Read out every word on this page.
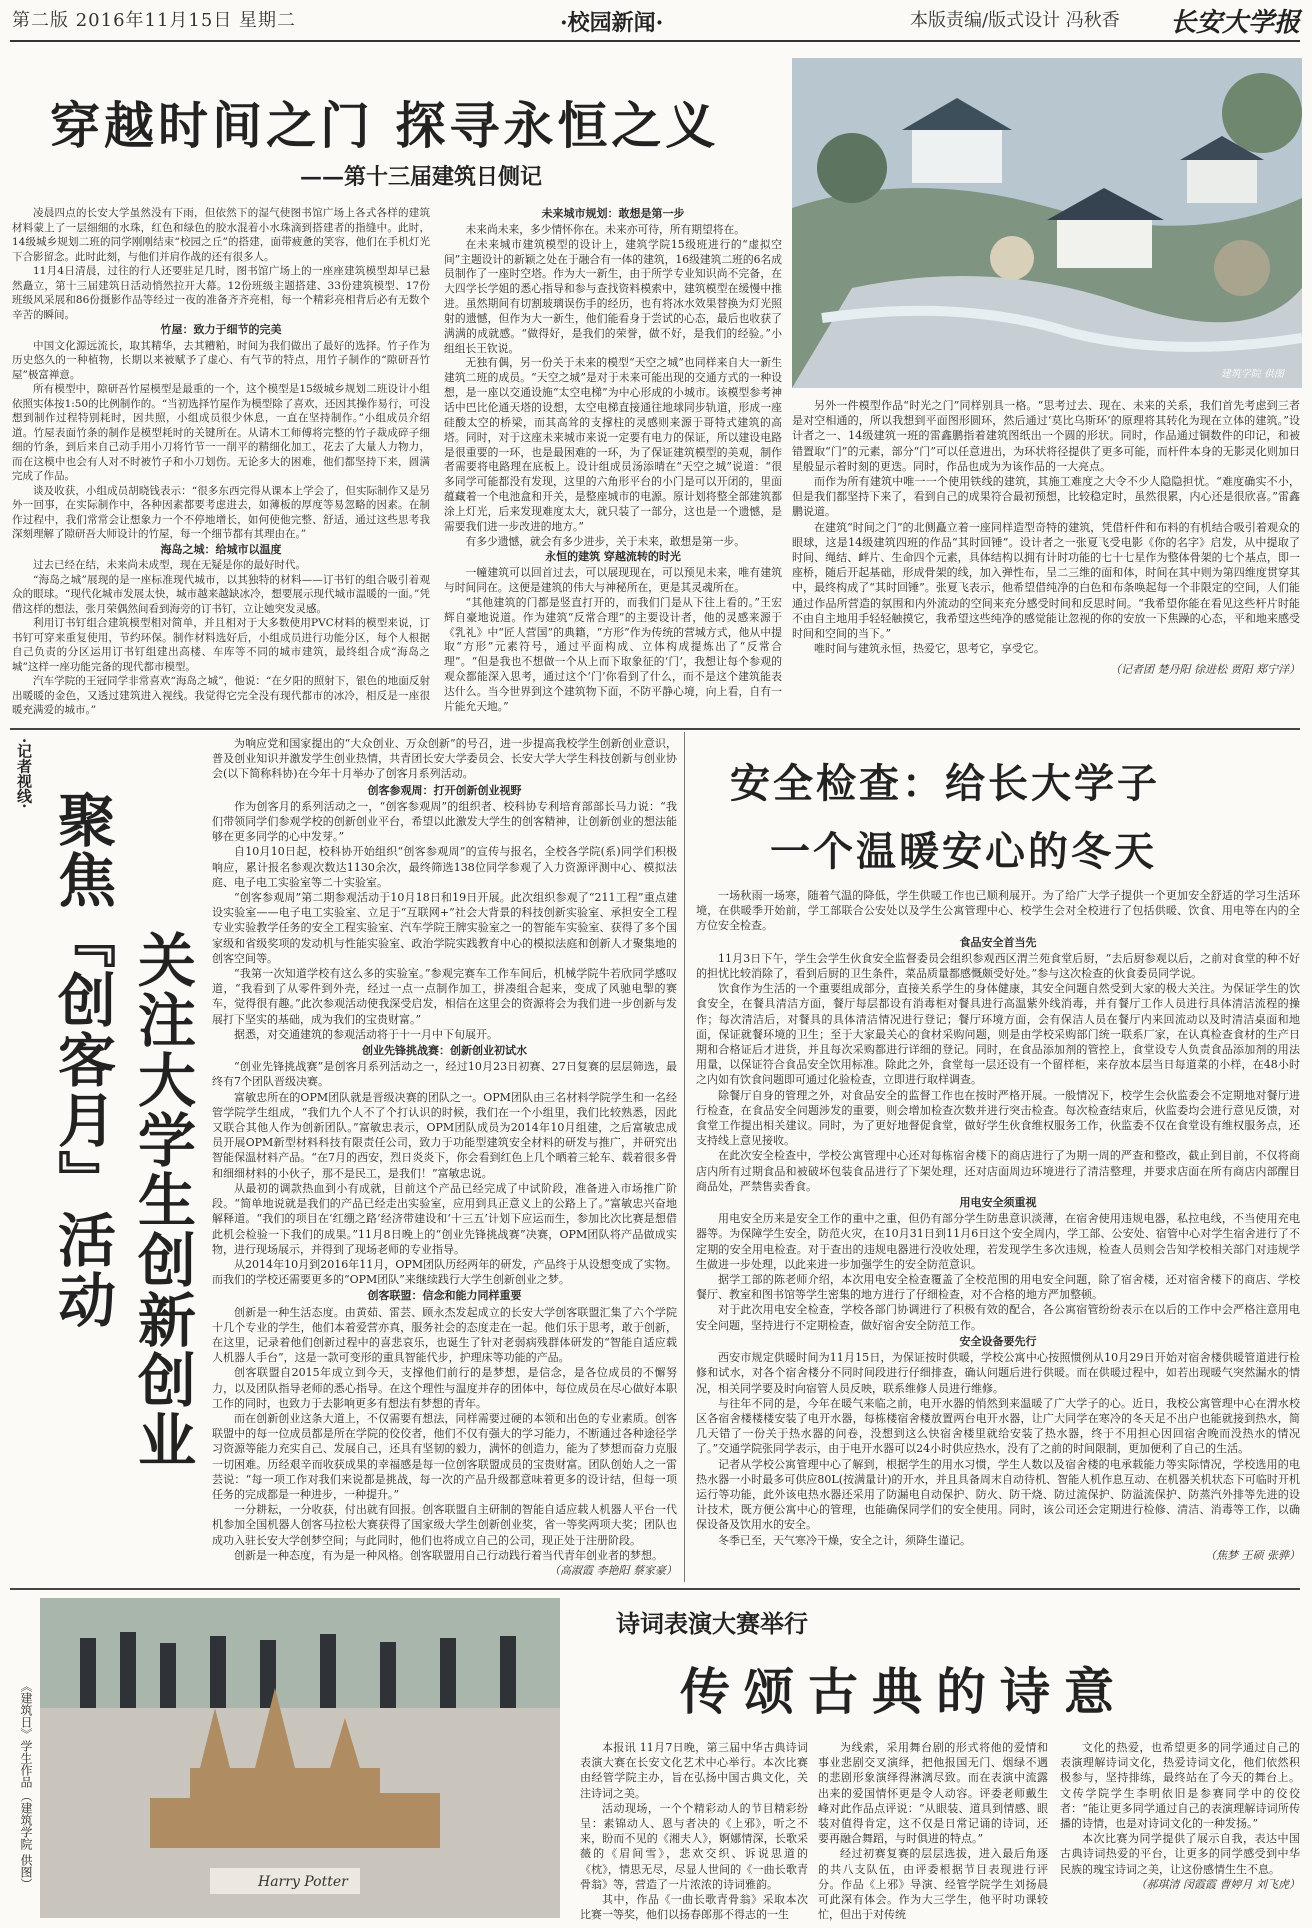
第二版 2016年11月15日 星期二	·校园新闻·	本版责编/版式设计 冯秋香 长安大学报
穿越时间之门 探寻永恒之义
——第十三届建筑日侧记
建筑学院 供图

凌晨四点的长安大学虽然没有下雨，但依然下的湿气使图书馆广场上各式各样的建筑材料蒙上了一层细细的水珠，红色和绿色的胶水混着小水珠滴到搭建者的指缝中。此时，14级城乡规划二班的同学刚刚结束“校园之丘”的搭建，面带疲惫的笑容，他们在手机灯光下合影留念。此时此刻，与他们并肩作战的还有很多人。

11月4日清晨，过往的行人还要驻足几时，图书馆广场上的一座座建筑模型却早已悬然矗立，第十三届建筑日活动悄然拉开大幕。12份班级主题搭建、33份建筑模型、17份班级风采展和86份摄影作品等经过一夜的准备齐齐亮相，每一个精彩亮相背后必有无数个辛苦的瞬间。

竹屋：致力于细节的完美

中国文化源远流长，取其精华，去其糟粕，时间为我们做出了最好的选择。竹子作为历史悠久的一种植物，长期以来被赋予了虚心、有气节的特点，用竹子制作的“隙研吾竹屋”极富禅意。

所有模型中，隙研吾竹屋模型是最重的一个，这个模型是15级城乡规划二班设计小组依照实体按1:50的比例制作的。“当初选择竹屋作为模型除了喜欢，还因其操作易行，可没想到制作过程特别耗时，因共照，小组成员很少休息，一直在坚持制作。”小组成员介绍道。竹屋表面竹条的制作是模型耗时的关键所在。从请木工师傅将完整的竹子裁成碎子细细的竹条，到后来自己动手用小刀将竹节一一削平的精细化加工，花去了大量人力物力，而在这模中也会有人对不时被竹子和小刀划伤。无论多大的困难，他们都坚持下来，圆满完成了作品。

谈及收获，小组成员胡晓钱表示：“很多东西完得从课本上学会了，但实际制作又是另外一回事，在实际制作中，各种因素都要考虑进去，如薄板的厚度等易忽略的因素。在制作过程中，我们常常会让想象力一个不停地增长，如何使他完整、舒适，通过这些思考我深刻理解了隙研吾大师设计的竹屋，每一个细节都有其理由在。”

海岛之城：给城市以温度

过去已经在结，未来尚未成型，现在无疑是你的最好时代。

“海岛之城”展现的是一座标准现代城市，以其独特的材料——订书钉的组合吸引着观众的眼球。“现代化城市发展太快，城市越来越缺冰冷，想要展示现代城市温暖的一面。”凭借这样的想法，张月荣偶然间看到海旁的订书钉，立让她突发灵感。

利用订书钉组合建筑模型相对简单，并且相对于大多数使用PVC材料的模型来说，订书钉可穿来重复使用，节约环保。制作材料选好后，小组成员进行功能分区，每个人根据自己负责的分区运用订书钉组建出高楼、车库等不同的城市建筑，最终组合成“海岛之城”这样一座功能完备的现代都市模型。

汽车学院的王冠同学非常喜欢“海岛之城”，他说：“在夕阳的照射下，银色的地面反射出暖暖的金色，又透过建筑进入视线。我觉得它完全没有现代都市的冰冷，相反是一座很暖充满爱的城市。”

未来城市规划：敢想是第一步

未来尚未来，多少情怀你在。未来亦可待，所有期望将在。

在未来城市建筑模型的设计上，建筑学院15级班进行的“虚拟空间”主题设计的新颖之处在于融合有一体的建筑，16级建筑二班的6名成员制作了一座时空塔。作为大一新生，由于所学专业知识尚不完备，在大四学长学姐的悉心指导和参与查找资料模索中，建筑模型在缓慢中推进。虽然期间有切割玻璃误伤手的经历，也有将冰水效果替换为灯光照射的遗憾，但作为大一新生，他们能看身于尝试的心态，最后也收获了满满的成就感。“做得好，是我们的荣誉，做不好，是我们的经验。”小组组长王钦说。

无独有偶，另一份关于未来的模型“天空之城”也同样来自大一新生建筑二班的成员。“天空之城”是对于未来可能出现的交通方式的一种设想，是一座以交通设施“太空电梯”为中心形成的小城市。该模型参考神话中巴比伦通天塔的设想，太空电梯直接通往地球同步轨道，形成一座硅酸太空的桥梁，而其高耸的支撑柱的灵感则来源于哥特式建筑的高塔。同时，对于这座未来城市来说一定要有电力的保证，所以建设电路是很重要的一环，也是最困难的一环，为了保证建筑模型的美观，制作者需要将电路理在底板上。设计组成员汤添晴在“天空之城”说道：“很多同学可能都没有发现，这里的六角形平台的小门是可以开闭的，里面蕴藏着一个电池盒和开关，是整座城市的电源。原计划将整全部建筑都涂上灯光，后来发现难度太大，就只装了一部分，这也是一个遗憾，是需要我们进一步改进的地方。”

有多少遗憾，就会有多少进步，关于未来，敢想是第一步。

永恒的建筑 穿越流转的时光

一幢建筑可以回首过去，可以展现现在，可以预见未来，唯有建筑与时间同在。这便是建筑的伟大与神秘所在，更是其灵魂所在。

“其他建筑的门都是竖直打开的，而我们门是从下往上看的。”王宏辉自豪地说道。作为建筑“反常合理”的主要设计者，他的灵感来源于《乳礼》中“匠人营国”的典籍，“方形”作为传统的营城方式，他从中提取“方形”元素符号，通过平面构成、立体构成提炼出了“反常合理”。“但是我也不想做一个从上而下取象征的‘门’，我想让每个参观的观众都能深入思考，通过这个‘门’你看到了什么，而不是这个建筑能表达什么。当今世界到这个建筑物下面，不防平静心境，向上看，自有一片能允天地。”

另外一件模型作品“时光之门”同样别具一格。“思考过去、现在、未来的关系，我们首先考虑到三者是对空相通的，所以我想到平面图形圆环，然后通过‘莫比乌斯环’的原理将其转化为现在立体的建筑。”设计者之一、14级建筑一班的雷鑫鹏指着建筑图纸出一个圆的形状。同时，作品通过铜数件的印记，和被错置取“门”的元素，部分“门”可以任意进出，为环状将径提供了更多可能，而杆件本身的无影灵化则加日星般显示着时刻的更迭。同时，作品也成为为该作品的一大亮点。

而作为所有建筑中唯一一个使用铁线的建筑，其施工难度之大令不少人隐隐担忧。“难度确实不小，但是我们都坚持下来了，看到自己的成果符合最初预想，比较稳定时，虽然很累，内心还是很欣喜。”雷鑫鹏说道。

在建筑“时间之门”的北侧矗立着一座同样造型奇特的建筑，凭借杆件和布料的有机结合吸引着观众的眼球，这是14级建筑四班的作品“其时回锤”。设计者之一张夏飞受电影《你的名字》启发，从中提取了时间、绳结、衅片、生命四个元素，具体结构以拥有计时功能的七十七星作为整体骨架的七个基点，即一座桥，随后开起基础，形成骨架的线，加入弹性布，呈二三维的面和体，时间在其中则为第四维度贯穿其中，最终构成了“其时回锤”。张夏飞表示，他希望借纯净的白色和布条唤起每一个非限定的空间，人们能通过作品所营造的氛围和内外流动的空间来充分感受时间和反思时间。“我希望你能在看见这些杆片时能不由自主地用手轻轻触摸它，我希望这些纯净的感觉能让忽视的你的安放一下焦躁的心态，平和地来感受时间和空间的当下。”

唯时间与建筑永恒，热爱它，思考它，享受它。

（记者团 楚丹阳 徐进松 贾阳 郑宁洋）
·记者视线·
聚焦『创客月』活动 关注大学生创新创业

为响应党和国家提出的“大众创业、万众创新”的号召，进一步提高我校学生创新创业意识，普及创业知识并激发学生创业热情，共青团长安大学委员会、长安大学大学生科技创新与创业协会(以下简称科协)在今年十月举办了创客月系列活动。

创客参观周：打开创新创业视野

作为创客月的系列活动之一，“创客参观周”的组织者、校科协专利培育部部长马力说：“我们带领同学们参观学校的创新创业平台，希望以此激发大学生的创客精神，让创新创业的想法能够在更多同学的心中发芽。”

自10月10日起，校科协开始组织“创客参观周”的宣传与报名，全校各学院(系)同学们积极响应，累计报名参观次数达1130余次，最终筛选138位同学参观了入力资源评测中心、模拟法庭、电子电工实验室等二十实验室。

“创客参观周”第二期参观活动于10月18日和19日开展。此次组织参观了“211工程”重点建设实验室——电子电工实验室、立足于“互联网+”社会大背景的科技创新实验室、承担安全工程专业实验教学任务的安全工程实验室、汽车学院王牌实验室之一的智能车实验室、获得了多个国家级和省级奖项的发动机与性能实验室、政治学院实践教育中心的模拟法庭和创新人才聚集地的创客空间等。

“我第一次知道学校有这么多的实验室。”参观完赛车工作车间后，机械学院牛若欣同学感叹道，“我看到了从零件到外壳，经过一点一点制作加工，拼凑组合起来，变成了风驰电掣的赛车，觉得很有趣。”此次参观活动使我深受启发，相信在这里会的资源将会为我们进一步创新与发展打下坚实的基础，成为我们的宝贵财富。”

据悉，对交通建筑的参观活动将于十一月中下旬展开。

创业先锋挑战赛：创新创业初试水

“创业先锋挑战赛”是创客月系列活动之一，经过10月23日初赛、27日复赛的层层筛选，最终有7个团队晋级决赛。

富敏忠所在的OPM团队就是晋级决赛的团队之一。OPM团队由三名材料学院学生和一名经管学院学生组成，“我们九个人不了个打认识的时候，我们在一个小组里，我们比较熟悉，因此又联合其他人作为创新团队。”富敏忠表示，OPM团队成员为2014年10月组建，之后富敏忠成员开展OPM新型材料科技有限责任公司，致力于功能型建筑安全材料的研发与推广，并研究出智能保温材料产品。“在7月的西安，烈日炎炎下，你会看到红色上几个晒着三轮车、载着很多骨和细细材料的小伙子，那不是民工，是我们！”富敏忠说。

从最初的调款热血到小有成就，目前这个产品已经完成了中试阶段，准备进入市场推广阶段。“简单地说就是我们的产品已经走出实验室，应用到具正意义上的公路上了。”富敏忠兴奋地解释道。“我们的项目在‘红绷之路’经济带建设和‘十三五’计划下应运而生，参加比次比赛是想借此机会检验一下我们的成果。”11月8日晚上的“创业先锋挑战赛”决赛，OPM团队将产品做成实物，进行现场展示，并得到了现场老师的专业指导。

从2014年10月到2016年11月，OPM团队历经两年的研发，产品终于从设想变成了实物。而我们的学校还需要更多的“OPM团队”来继续践行大学生创新创业之梦。

创客联盟：信念和能力同样重要

创新是一种生活态度。由黄茹、雷芸、顾永杰发起成立的长安大学创客联盟汇集了六个学院十几个专业的学生，他们本着爱营亦真，服务社会的态度走在一起。他们乐于思考，敢于创新，在这里，记录着他们创新过程中的喜悲哀乐，也诞生了针对老弱病残群体研发的“智能自适应载人机器人手台”，这是一款可变形的重具智能代步，护理床等功能的产品。

创客联盟自2015年成立到今天，支撑他们前行的是梦想，是信念，是各位成员的不懈努力，以及团队指导老师的悉心指导。在这个理性与温度并存的团体中，每位成员在尽心做好本职工作的同时，也致力于去影响更多有想法有梦想的青年。

而在创新创业这条大道上，不仅需要有想法，同样需要过硬的本领和出色的专业素质。创客联盟中的每一位成员都是所在学院的佼佼者，他们不仅有强大的学习能力，不断通过各种途径学习资源等能力充实自己、发展自己，还具有坚韧的毅力，满怀的创造力，能为了梦想而奋力克服一切困难。历经艰辛而收获成果的幸福感是每一位创客联盟成员的宝贵财富。团队创始人之一雷芸说：“每一项工作对我们来说都是挑战，每一次的产品升级都意味着更多的设计结，但每一项任务的完成都是一种进步，一种提升。”

一分耕耘，一分收获，付出就有回报。创客联盟自主研制的智能自适应载人机器人平台一代机参加全国机器人创客马拉松大赛获得了国家级大学生创新创业奖，省一等奖两项大奖；团队也成功入驻长安大学创梦空间；与此同时，他们也将成立自己的公司，现正处于注册阶段。

创新是一种态度，有为是一种风格。创客联盟用自己行动践行着当代青年创业者的梦想。

（高淑霞 李艳阳 蔡家豪）
安全检查：给长大学子
一个温暖安心的冬天

一场秋雨一场寒，随着气温的降低，学生供暖工作也已顺利展开。为了给广大学子提供一个更加安全舒适的学习生活环境，在供暖季开始前，学工部联合公安处以及学生公寓管理中心、校学生会对全校进行了包括供暖、饮食、用电等在内的全方位安全检查。

食品安全首当先

11月3日下午，学生会学生伙食安全监督委员会组织参观西区渭兰苑食堂后厨，“去后厨参观以后，之前对食堂的种不好的担忧比较消除了，看到后厨的卫生条件，菜品质量都感慨颇受好处。”参与这次检查的伙食委员同学说。

饮食作为生活的一个重要组成部分，直接关系学生的身体健康，其安全问题自然受到大家的极大关注。为保证学生的饮食安全，在餐具清洁方面，餐厅每层都设有消毒柜对餐具进行高温紫外线消毒，并有餐厅工作人员进行具体清洁流程的操作；每次清洁后，对餐具的具体清洁情况进行登记；餐厅环境方面，会有保洁人员在餐厅内来回流动以及时清洁桌面和地面，保证就餐环境的卫生；至于大家最关心的食材采购问题，则是由学校采购部门统一联系厂家，在认真检查食材的生产日期和合格证后才进货，并且每次采购都进行详细的登记。同时，在食品添加剂的管控上，食堂设专人负责食品添加剂的用法用量，以保证符合食品安全饮用标准。除此之外，食堂每一层还设有一个留样柜，来存放本层当日每道菜的小样，在48小时之内如有饮食问题即可通过化验检查，立即进行取样调查。

除餐厅自身的管理之外，对食品安全的监督工作也在按时严格开展。一般情况下，校学生会伙监委会不定期地对餐厅进行检查，在食品安全问题涉发的重要，则会增加检查次数并进行突击检查。每次检查结束后，伙监委均会进行意见反馈，对食堂工作提出相关建议。同时，为了更好地督促食堂，做好学生伙食维权服务工作，伙监委不仅在食堂设有维权服务点，还支持线上意见接收。

在此次安全检查中，学校公寓管理中心还对每栋宿舍楼下的商店进行了为期一周的严查和整改，截止到目前，不仅将商店内所有过期食品和被破坏包装食品进行了下架处理，还对店面周边环境进行了清洁整理，并要求店面在所有商店内部醒目商品处，严禁售卖香食。

用电安全须重视

用电安全历来是安全工作的重中之重，但仍有部分学生防患意识淡薄，在宿舍使用违规电器，私拉电线，不当使用充电器等。为保障学生安全，防范火灾，在10月31日到11月6日这个安全周内，学工部、公安处、宿管中心对学生宿舍进行了不定期的安全用电检查。对于查出的违规电器进行没收处理，若发现学生多次违规，检查人员则会告知学校相关部门对违规学生做进一步处理，以此来进一步加强学生的安全防范意识。

据学工部的陈老师介绍，本次用电安全检查覆盖了全校范围的用电安全问题，除了宿舍楼，还对宿舍楼下的商店、学校餐厅、教室和图书馆等学生密集的地方进行了仔细检查，对不合格的地方严加整顿。

对于此次用电安全检查，学校各部门协调进行了积极有效的配合，各公寓宿管纷纷表示在以后的工作中会严格注意用电安全问题，坚持进行不定期检查，做好宿舍安全防范工作。

安全设备要先行

西安市规定供暖时间为11月15日，为保证按时供暖，学校公寓中心按照惯例从10月29日开始对宿舍楼供暖管道进行检修和试水，对各个宿舍楼分不同时间段进行仔细排查，确认问题后进行供暖。而在供暖过程中，如若出现暖气突然漏水的情况，相关同学要及时向宿管人员反映，联系维修人员进行维修。

与往年不同的是，今年在暖气来临之前，电开水器的悄然到来温暖了广大学子的心。近日，我校公寓管理中心在渭水校区各宿舍楼楼楼安装了电开水器，每栋楼宿舍楼放置两台电开水器，让广大同学在寒冷的冬天足不出户也能就接到热水，简几天错了一份关于热水器的问卷，没想到这么快宿舍楼里就给安装了热水器，终于不用担心因回宿舍晚而没热水的情况了。”交通学院张同学表示，由于电开水器可以24小时供应热水，没有了之前的时间限制，更加便利了自己的生活。

记者从学校公寓管理中心了解到，根据学生的用水习惯，学生人数以及宿舍楼的电承载能力等实际情况，学校选用的电热水器一小时最多可供应80L(按满量计)的开水，并且具备周末自动待机、智能人机作息互动、在机器关机状态下可临时开机运行等功能，此外该电热水器还采用了防漏电自动保护、防火、防干烧、防过流保护、防溢流保护、防蒸汽外排等先进的设计技术，既方便公寓中心的管理，也能确保同学们的安全使用。同时，该公司还会定期进行检修、清洁、消毒等工作，以确保设备及饮用水的安全。

冬季已至，天气寒冷干燥，安全之计，须降生谨记。

（焦梦 王硕 张骅）
Harry Potter
《建筑日》学生作品
（建筑学院 供图）
诗词表演大赛举行
传颂古典的诗意

本报讯 11月7日晚，第三届中华古典诗词表演大赛在长安文化艺术中心举行。本次比赛由经管学院主办，旨在弘扬中国古典文化，关注诗词之美。

活动现场，一个个精彩动人的节目精彩纷呈：素锦动人、恩与者决的《上邪》，听之不来，盼而不见的《湘夫人》，婀娜情深，长歌采薇的《眉间雪》，悲欢交织、诉说思道的《枕》，情思无尽，尽显人世间的《一曲长歌青骨翁》等，营造了一片浓浓的诗词雅韵。

其中，作品《一曲长歌青骨翁》采取本次比赛一等奖，他们以扬春郎那不得志的一生

为线索，采用舞台剧的形式将他的爱情和事业悲剧交叉演绎，把他报国无门、烟绿不遇的悲剧形象演绎得淋漓尽致。而在表演中流露出来的爱国情怀更是令人动容。评委老师戴生峰对此作品点评说：“从眼装、道具到情感、眼装对值得肯定，这不仅是日常记诵的诗词，还要再融合舞蹈，与时俱进的特点。”

经过初赛复赛的层层选拔，进入最后角逐的共八支队伍，由评委根据节目表现进行评分。作品《上邪》导演、经管学院学生刘扬晨可此深有体会。作为大三学生，他平时功课较忙，但出于对传统

文化的热爱，也希望更多的同学通过自己的表演理解诗词文化，热爱诗词文化，他们依然积极参与，坚持排练，最终站在了今天的舞台上。文传学院学生李明依旧是参赛同学中的佼佼者：“能让更多同学通过自己的表演理解诗词所传播的诗情，也是对诗词文化的一种发扬。”

本次比赛为同学提供了展示自我，表达中国古典诗词热爱的平台，让更多的同学感受到中华民族的瑰宝诗词之美，让这份感情生生不息。

（郝琪清 闵霞霞 曹婷月 刘飞虎）
